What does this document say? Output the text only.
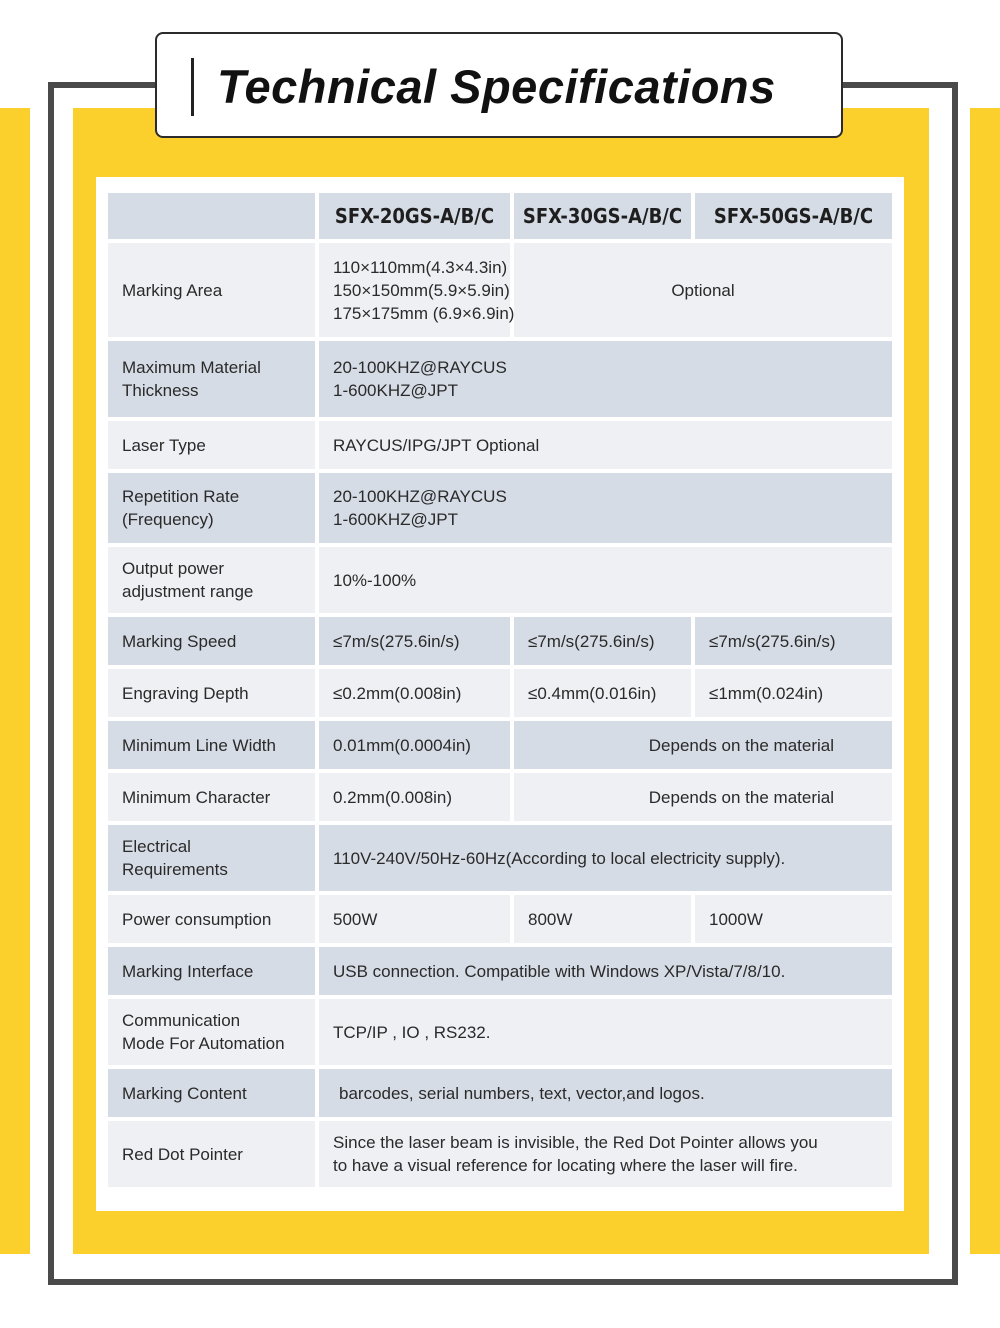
Technical Specifications
	SFX-20GS-A/B/C	SFX-30GS-A/B/C	SFX-50GS-A/B/C
Marking Area	110×110mm(4.3×4.3in)
150×150mm(5.9×5.9in)
175×175mm (6.9×6.9in)	Optional	

Maximum Material
Thickness	20-100KHZ@RAYCUS
1-600KHZ@JPT		

Laser Type	RAYCUS/IPG/JPT Optional		

Repetition Rate
(Frequency)	20-100KHZ@RAYCUS
1-600KHZ@JPT		

Output power
adjustment range	10%-100%		
Marking Speed	≤7m/s(275.6in/s)	≤7m/s(275.6in/s)	≤7m/s(275.6in/s)
Engraving Depth	≤0.2mm(0.008in)	≤0.4mm(0.016in)	≤1mm(0.024in)
Minimum Line Width	0.01mm(0.0004in)	Depends on the material	
Minimum Character	0.2mm(0.008in)	Depends on the material	

Electrical
Requirements	110V-240V/50Hz-60Hz(According to local electricity supply).		
Power consumption	500W	800W	1000W
Marking Interface	USB connection. Compatible with Windows XP/Vista/7/8/10.		

Communication
Mode For Automation	TCP/IP , IO , RS232.		
Marking Content	barcodes, serial numbers, text, vector,and logos.		
Red Dot Pointer	Since the laser beam is invisible, the Red Dot Pointer allows you
to have a visual reference for locating where the laser will fire.		
